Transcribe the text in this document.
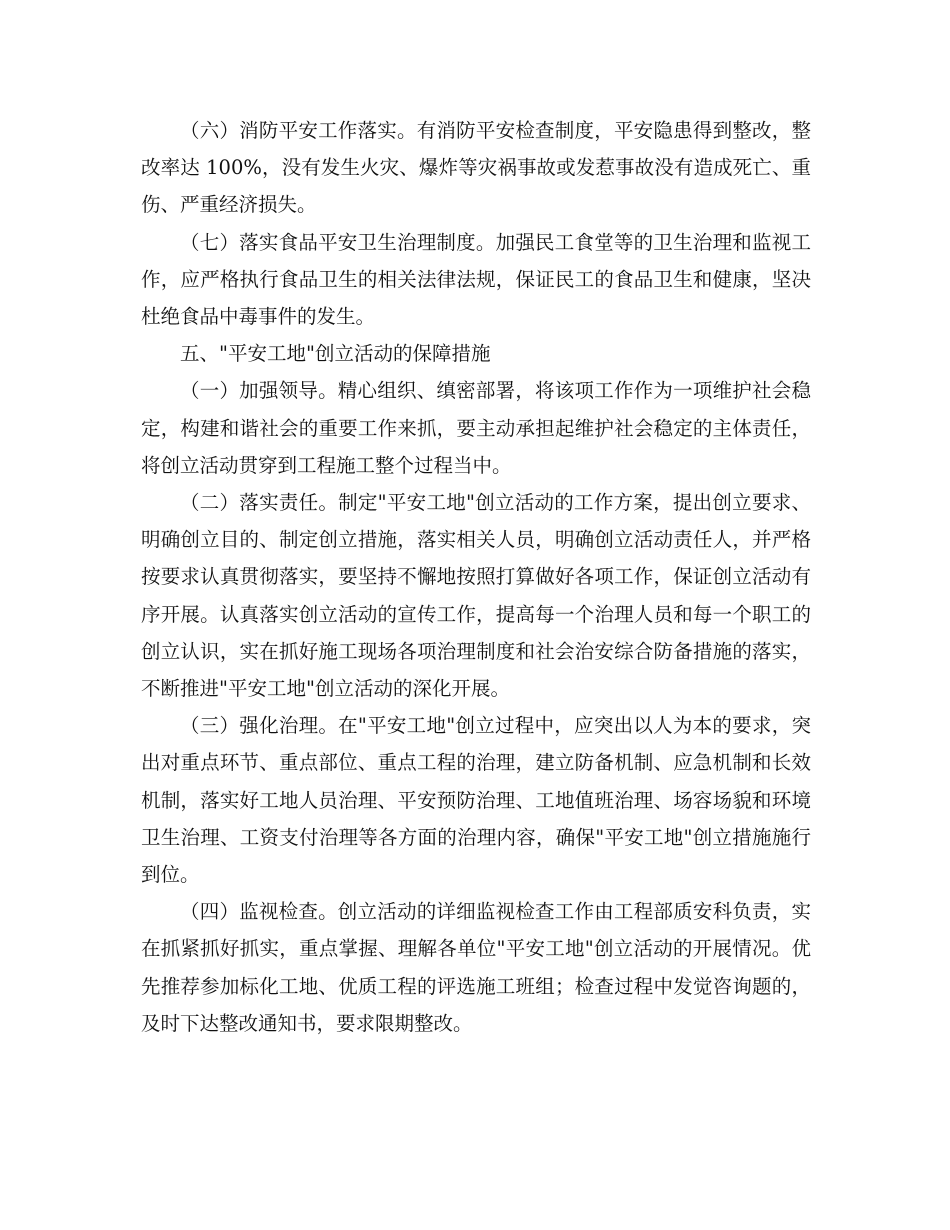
（六）消防平安工作落实。有消防平安检查制度，平安隐患得到整改，整改率达 100%，没有发生火灾、爆炸等灾祸事故或发惹事故没有造成死亡、重伤、严重经济损失。

（七）落实食品平安卫生治理制度。加强民工食堂等的卫生治理和监视工作，应严格执行食品卫生的相关法律法规，保证民工的食品卫生和健康，坚决杜绝食品中毒事件的发生。

五、"平安工地"创立活动的保障措施

（一）加强领导。精心组织、缜密部署，将该项工作作为一项维护社会稳定，构建和谐社会的重要工作来抓，要主动承担起维护社会稳定的主体责任，将创立活动贯穿到工程施工整个过程当中。

（二）落实责任。制定"平安工地"创立活动的工作方案，提出创立要求、明确创立目的、制定创立措施，落实相关人员，明确创立活动责任人，并严格按要求认真贯彻落实，要坚持不懈地按照打算做好各项工作，保证创立活动有序开展。认真落实创立活动的宣传工作，提高每一个治理人员和每一个职工的创立认识，实在抓好施工现场各项治理制度和社会治安综合防备措施的落实，不断推进"平安工地"创立活动的深化开展。

（三）强化治理。在"平安工地"创立过程中，应突出以人为本的要求，突出对重点环节、重点部位、重点工程的治理，建立防备机制、应急机制和长效机制，落实好工地人员治理、平安预防治理、工地值班治理、场容场貌和环境卫生治理、工资支付治理等各方面的治理内容，确保"平安工地"创立措施施行到位。

（四）监视检查。创立活动的详细监视检查工作由工程部质安科负责，实在抓紧抓好抓实，重点掌握、理解各单位"平安工地"创立活动的开展情况。优先推荐参加标化工地、优质工程的评选施工班组；检查过程中发觉咨询题的，及时下达整改通知书，要求限期整改。
